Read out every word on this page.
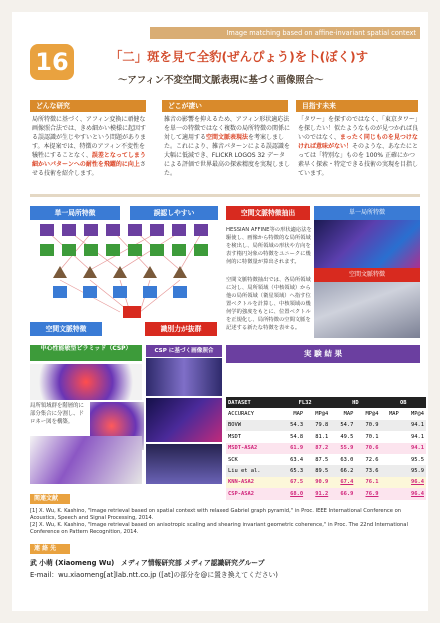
Image matching based on affine-invariant spatial context
16	「二」斑を見て全豹(ぜんぴょう)を卜(ぼく)す
〜アフィン不変空間文脈表現に基づく画像照合〜
どんな研究
局所特徴に基づく、アフィン変換に頑健な画像照合法では、きめ細かい模様に起因する誤認識が生じやすいという問題があります。本提案では、特徴のアフィン不変性を犠牲にすることなく、誤差となってしまう細かいパターンへの耐性を飛躍的に向上させる技術を紹介します。
どこが凄い
雑音の影響を抑えるため、アフィン形状適応法を単一の特徴ではなく複数の局所特徴の関係に対して適用する空間文脈表現法を考案しました。これにより、雑音パターンによる誤認識を大幅に低減でき、FLICKR LOGOS 32 データによる評価で世界最高の探索精度を実現しました。
目指す未来
「タワー」を探すのではなく、「東京タワー」を探したい！似たようなものが見つかれば良いのではなく、まったく同じものを見つけなければ意味がない！そのような、あなたにとっては「特別な」ものを 100% 正確にかつ素早く探索・特定できる技術の実現を目指しています。
単一局所特徴	誤認しやすい	空間文脈特徴抽出
空間文脈特徴	識別力が抜群
単一局所特徴
空間文脈特徴
HESSIAN AFFINE等の形状適応法を駆使し、画像から特徴的な局所領域を検出し、局所領域の形状や方向を表す楕円対象の特徴をユニークに幾何的に特徴量が算出されます。
空間文脈特徴抽出では、各局所領域に対し、局所領域（中核領域）から他の局所領域（衛星領域）へ指す位置ベクトルを計算し、中核領域の幾何学的強度をもとに、位置ベクトルを正規化し、局所特徴の空間文脈を記述する新たな特徴を表せる。
中心性能敏型ピラミッド（CSP）
局所領域群を階層的に部分集合に分割し、ドロネー図を構築。
CSP に基づく画像照合	実 験 結 果
DATASET	FL32		HD		OB	
ACCURACY	MAP	MP@4	MAP	MP@4	MAP	MP@4
BOVW	54.3	79.8	54.7	70.9		94.1
MSDT	54.8	81.1	49.5	70.1		94.1
MSDT-ASA2	61.9	87.2	55.9	70.6		94.1
SCK	63.4	87.5	63.0	72.6		95.5
Liu et al.	65.3	89.5	66.2	73.6		95.9
KNN-ASA2	67.5	90.9	67.4	76.1		96.4
CSP-ASA2	68.0	91.2	66.9	76.9		96.4
関連文献
[1] X. Wu, K. Kashino, "Image retrieval based on spatial context with relaxed Gabriel graph pyramid," in Proc. IEEE International Conference on Acoustics, Speech and Signal Processing, 2014.
[2] X. Wu, K. Kashino, "Image retrieval based on anisotropic scaling and shearing invariant geometric coherence," in Proc. The 22nd International Conference on Pattern Recognition, 2014.
連 絡 先
武 小萌 (Xiaomeng Wu)　メディア情報研究部 メディア認識研究グループ
E-mail：wu.xiaomeng[at]lab.ntt.co.jp ([at]の部分を@に置き換えてください)
